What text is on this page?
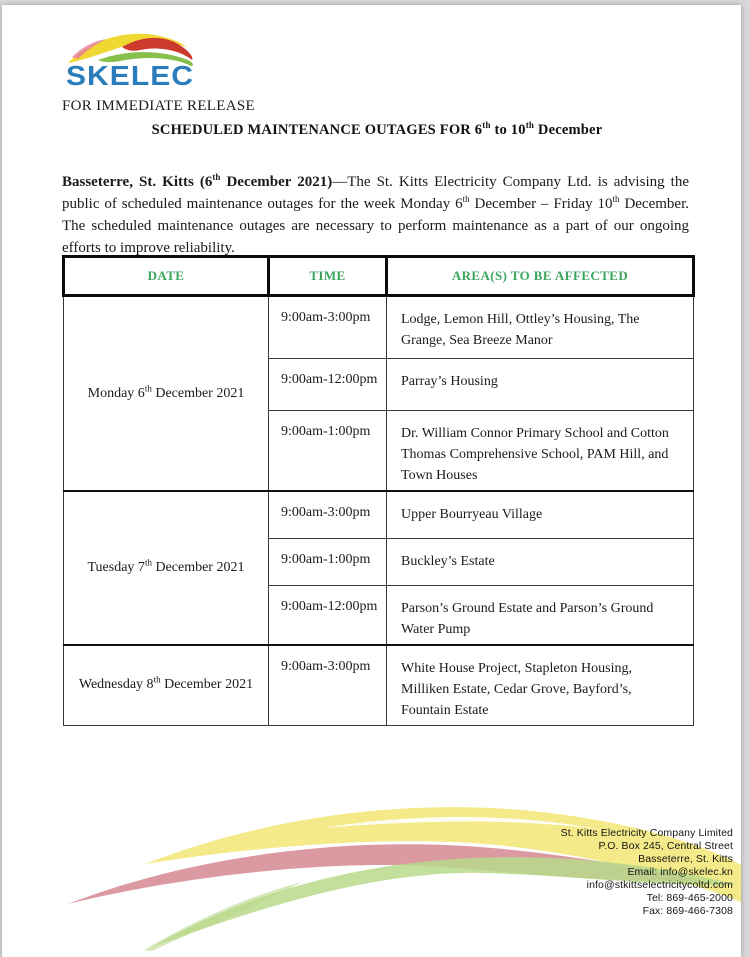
SKELEC
FOR IMMEDIATE RELEASE
SCHEDULED MAINTENANCE OUTAGES FOR 6th to 10th December
Basseterre, St. Kitts (6th December 2021)—The St. Kitts Electricity Company Ltd. is advising the public of scheduled maintenance outages for the week Monday 6th December – Friday 10th December. The scheduled maintenance outages are necessary to perform maintenance as a part of our ongoing efforts to improve reliability.
DATE	TIME	AREA(S) TO BE AFFECTED
Monday 6th December 2021	9:00am-3:00pm	Lodge, Lemon Hill, Ottley’s Housing, The Grange, Sea Breeze Manor
	9:00am-12:00pm	Parray’s Housing
	9:00am-1:00pm	Dr. William Connor Primary School and Cotton Thomas Comprehensive School, PAM Hill, and Town Houses
Tuesday 7th December 2021	9:00am-3:00pm	Upper Bourryeau Village
	9:00am-1:00pm	Buckley’s Estate
	9:00am-12:00pm	Parson’s Ground Estate and Parson’s Ground Water Pump
Wednesday 8th December 2021	9:00am-3:00pm	White House Project, Stapleton Housing, Milliken Estate, Cedar Grove, Bayford’s, Fountain Estate
St. Kitts Electricity Company Limited
P.O. Box 245, Central Street
Basseterre, St. Kitts
Email: info@skelec.kn
info@stkittselectricitycoltd.com
Tel: 869-465-2000
Fax: 869-466-7308
